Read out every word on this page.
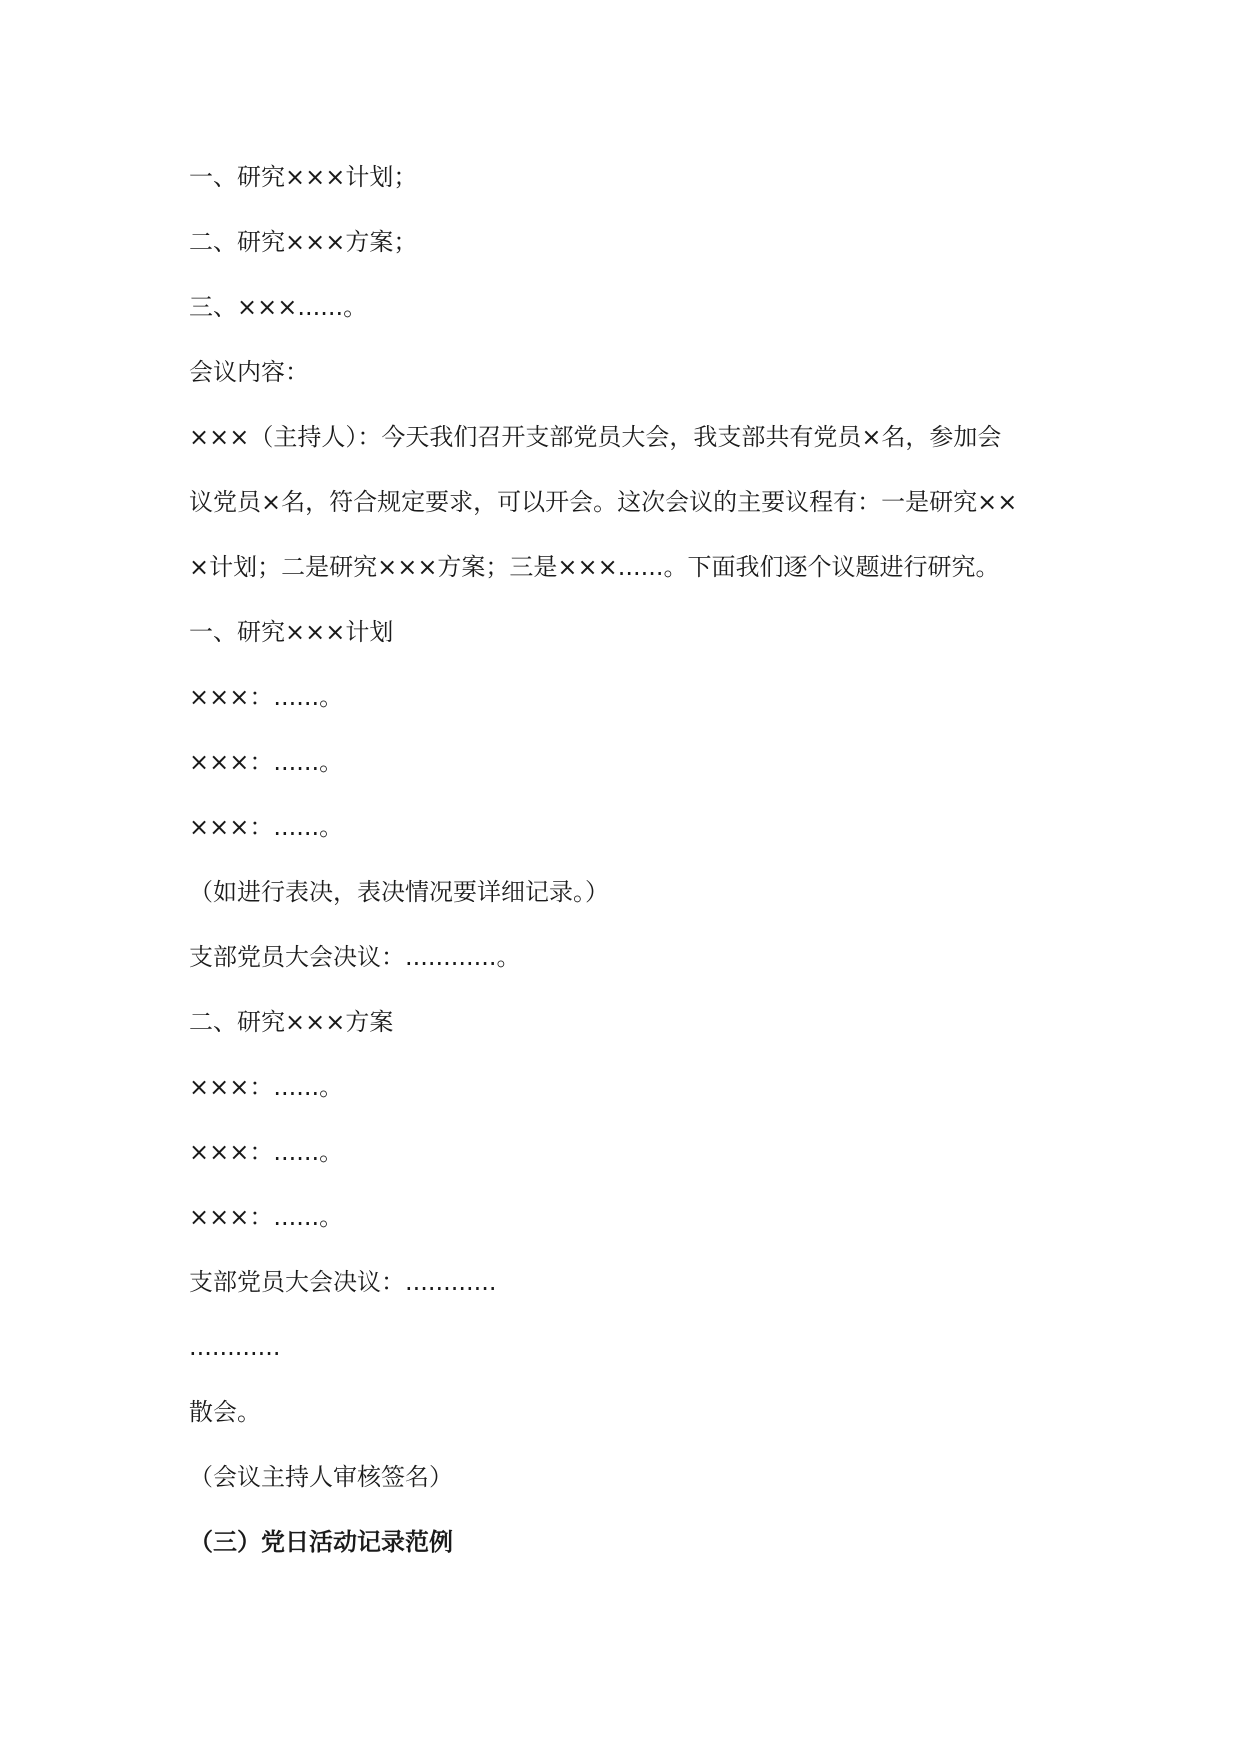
一、研究×××计划；

二、研究×××方案；

三、×××......。

会议内容：

×××（主持人）：今天我们召开支部党员大会，我支部共有党员×名，参加会

议党员×名，符合规定要求，可以开会。这次会议的主要议程有：一是研究××

×计划；二是研究×××方案；三是×××......。下面我们逐个议题进行研究。

一、研究×××计划

×××：......。

×××：......。

×××：......。

（如进行表决，表决情况要详细记录。）

支部党员大会决议：............。

二、研究×××方案

×××：......。

×××：......。

×××：......。

支部党员大会决议：............

............

散会。

（会议主持人审核签名）

（三）党日活动记录范例
